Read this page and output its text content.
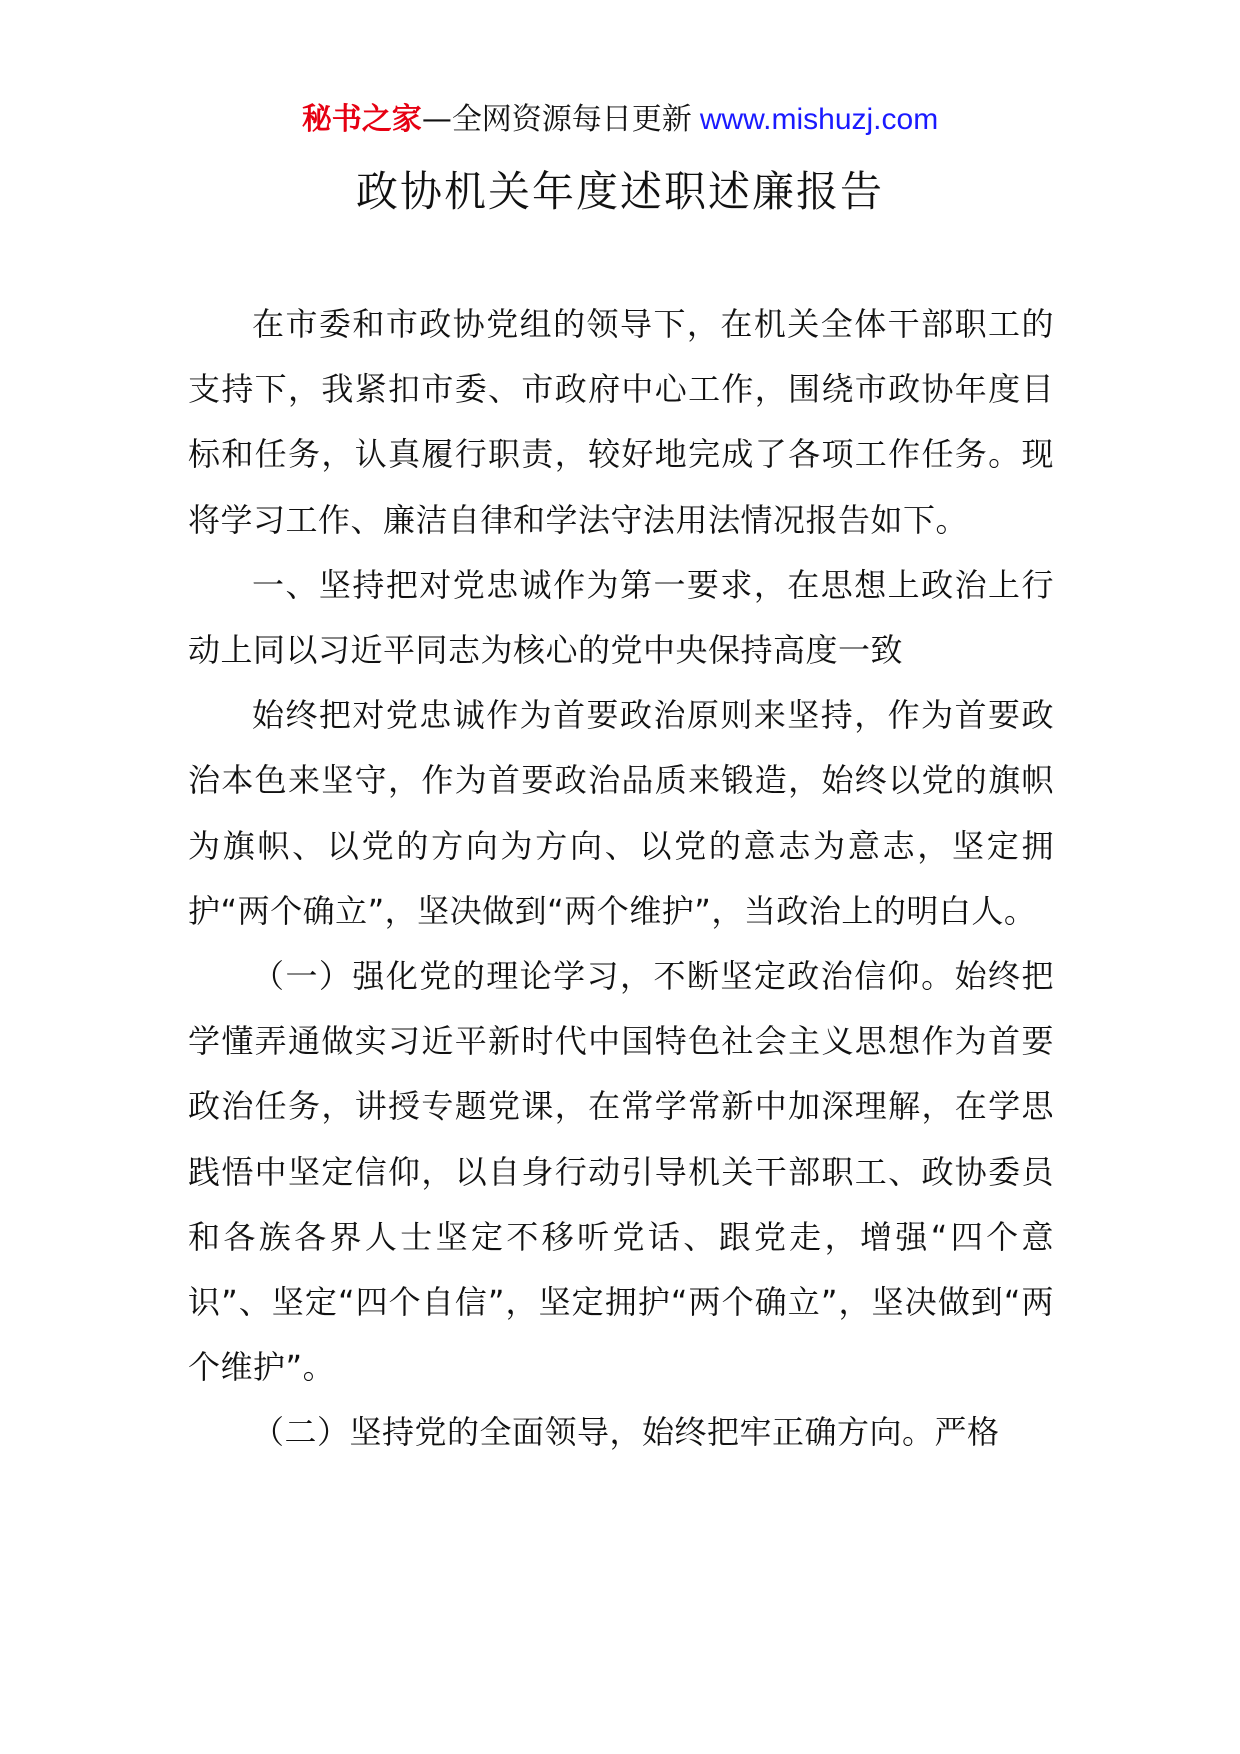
秘书之家—全网资源每日更新 www.mishuzj.com
政协机关年度述职述廉报告

在市委和市政协党组的领导下，在机关全体干部职工的支持下，我紧扣市委、市政府中心工作，围绕市政协年度目标和任务，认真履行职责，较好地完成了各项工作任务。现将学习工作、廉洁自律和学法守法用法情况报告如下。

一、坚持把对党忠诚作为第一要求，在思想上政治上行动上同以习近平同志为核心的党中央保持高度一致

始终把对党忠诚作为首要政治原则来坚持，作为首要政治本色来坚守，作为首要政治品质来锻造，始终以党的旗帜为旗帜、以党的方向为方向、以党的意志为意志，坚定拥护“两个确立”，坚决做到“两个维护”，当政治上的明白人。

（一）强化党的理论学习，不断坚定政治信仰。始终把学懂弄通做实习近平新时代中国特色社会主义思想作为首要政治任务，讲授专题党课，在常学常新中加深理解，在学思践悟中坚定信仰，以自身行动引导机关干部职工、政协委员和各族各界人士坚定不移听党话、跟党走，增强“四个意识”、坚定“四个自信”，坚定拥护“两个确立”，坚决做到“两个维护”。

（二）坚持党的全面领导，始终把牢正确方向。严格
